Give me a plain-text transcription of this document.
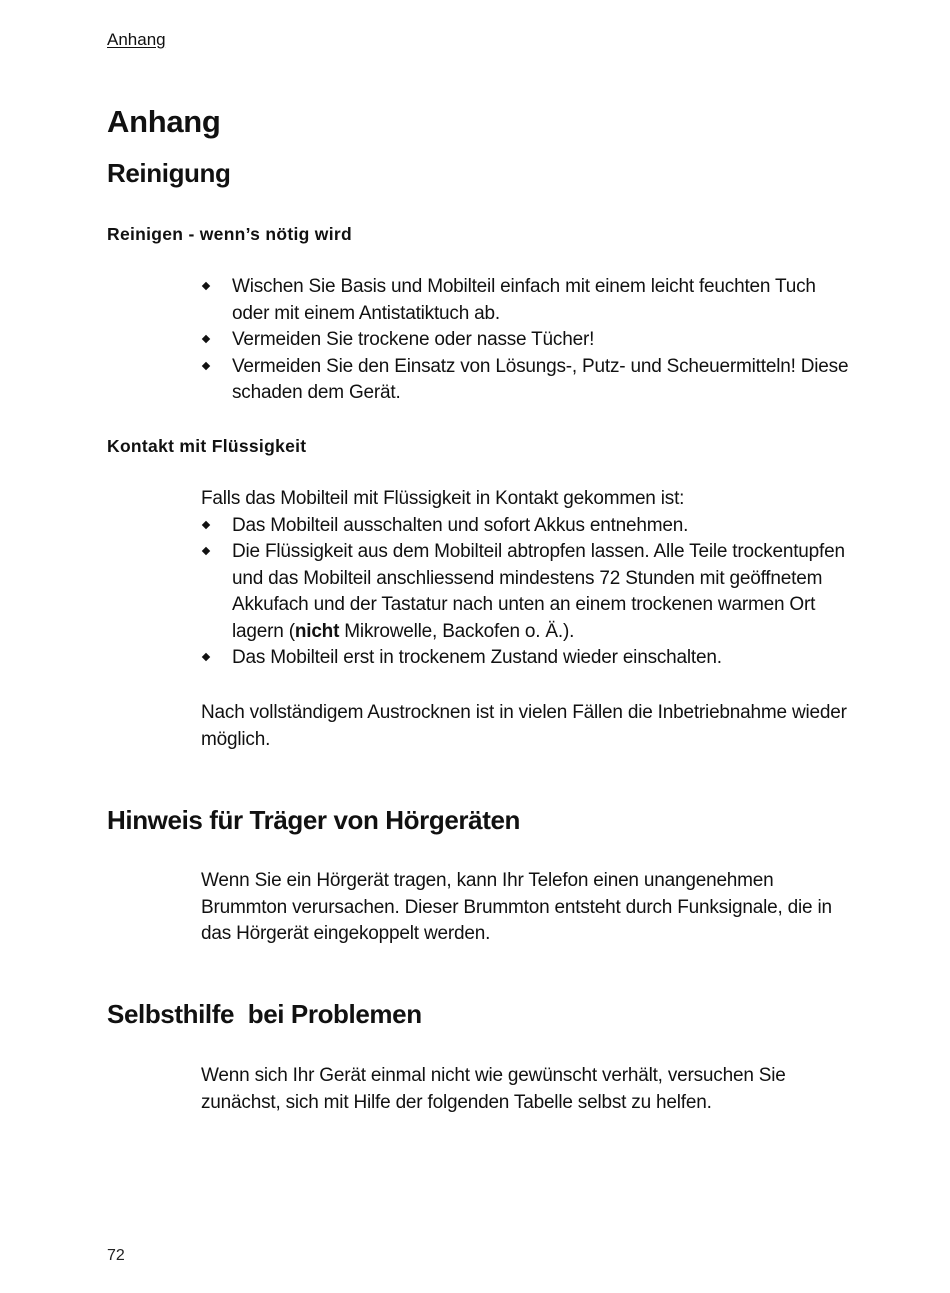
Anhang
Anhang
Reinigung
Reinigen - wenn’s nötig wird
Wischen Sie Basis und Mobilteil einfach mit einem leicht feuchten Tuch oder mit einem Antistatiktuch ab.
Vermeiden Sie trockene oder nasse Tücher!
Vermeiden Sie den Einsatz von Lösungs-, Putz- und Scheuermitteln! Diese schaden dem Gerät.
Kontakt mit Flüssigkeit

Falls das Mobilteil mit Flüssigkeit in Kontakt gekommen ist:

Das Mobilteil ausschalten und sofort Akkus entnehmen.
Die Flüssigkeit aus dem Mobilteil abtropfen lassen. Alle Teile trockentupfen und das Mobilteil anschliessend mindestens 72 Stunden mit geöffnetem Akkufach und der Tastatur nach unten an einem trockenen warmen Ort lagern (nicht Mikrowelle, Backofen o. Ä.).
Das Mobilteil erst in trockenem Zustand wieder einschalten.

Nach vollständigem Austrocknen ist in vielen Fällen die Inbetriebnahme wieder möglich.

Hinweis für Träger von Hörgeräten

Wenn Sie ein Hörgerät tragen, kann Ihr Telefon einen unangenehmen Brummton verursachen. Dieser Brummton entsteht durch Funksignale, die in das Hörgerät eingekoppelt werden.

Selbsthilfe  bei Problemen

Wenn sich Ihr Gerät einmal nicht wie gewünscht verhält, versuchen Sie zunächst, sich mit Hilfe der folgenden Tabelle selbst zu helfen.

72
